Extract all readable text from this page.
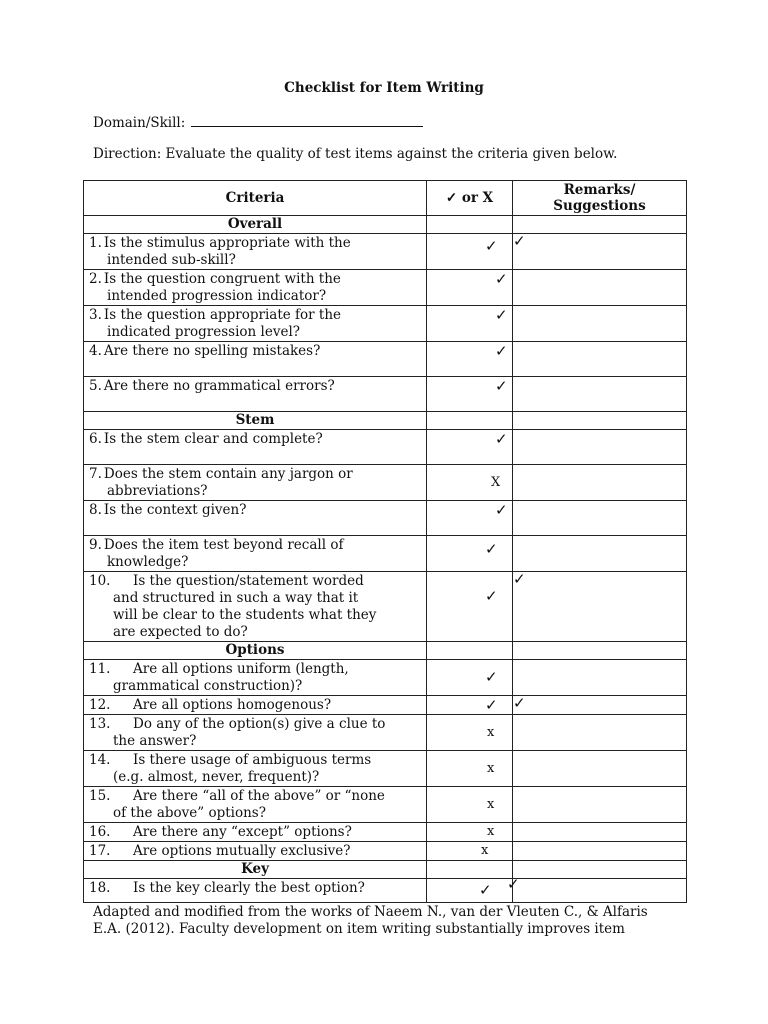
Checklist for Item Writing
Domain/Skill:
Direction: Evaluate the quality of test items against the criteria given below.
Criteria	✓ or X	Remarks/
Suggestions

Overall		

1. Is the stimulus appropriate with the
intended sub-skill?	✓	✓

2. Is the question congruent with the
intended progression indicator?	✓	

3. Is the question appropriate for the
indicated progression level?	✓	

4. Are there no spelling mistakes?	✓	

5. Are there no grammatical errors?	✓	

Stem		

6. Is the stem clear and complete?	✓	

7. Does the stem contain any jargon or
abbreviations?	X	

8. Is the context given?	✓	

9. Does the item test beyond recall of
knowledge?	✓	

10. Is the question/statement worded
and structured in such a way that it
will be clear to the students what they
are expected to do?	✓	✓

Options		

11. Are all options uniform (length,
grammatical construction)?	✓	

12. Are all options homogenous?	✓	✓

13. Do any of the option(s) give a clue to
the answer?	x	

14. Is there usage of ambiguous terms
(e.g. almost, never, frequent)?	x	

15. Are there “all of the above” or “none
of the above” options?	x	

16. Are there any “except” options?	x	

17. Are options mutually exclusive?	x	

Key		

18. Is the key clearly the best option?	✓	✓
Adapted and modified from the works of Naeem N., van der Vleuten C., & Alfaris
E.A. (2012). Faculty development on item writing substantially improves item
